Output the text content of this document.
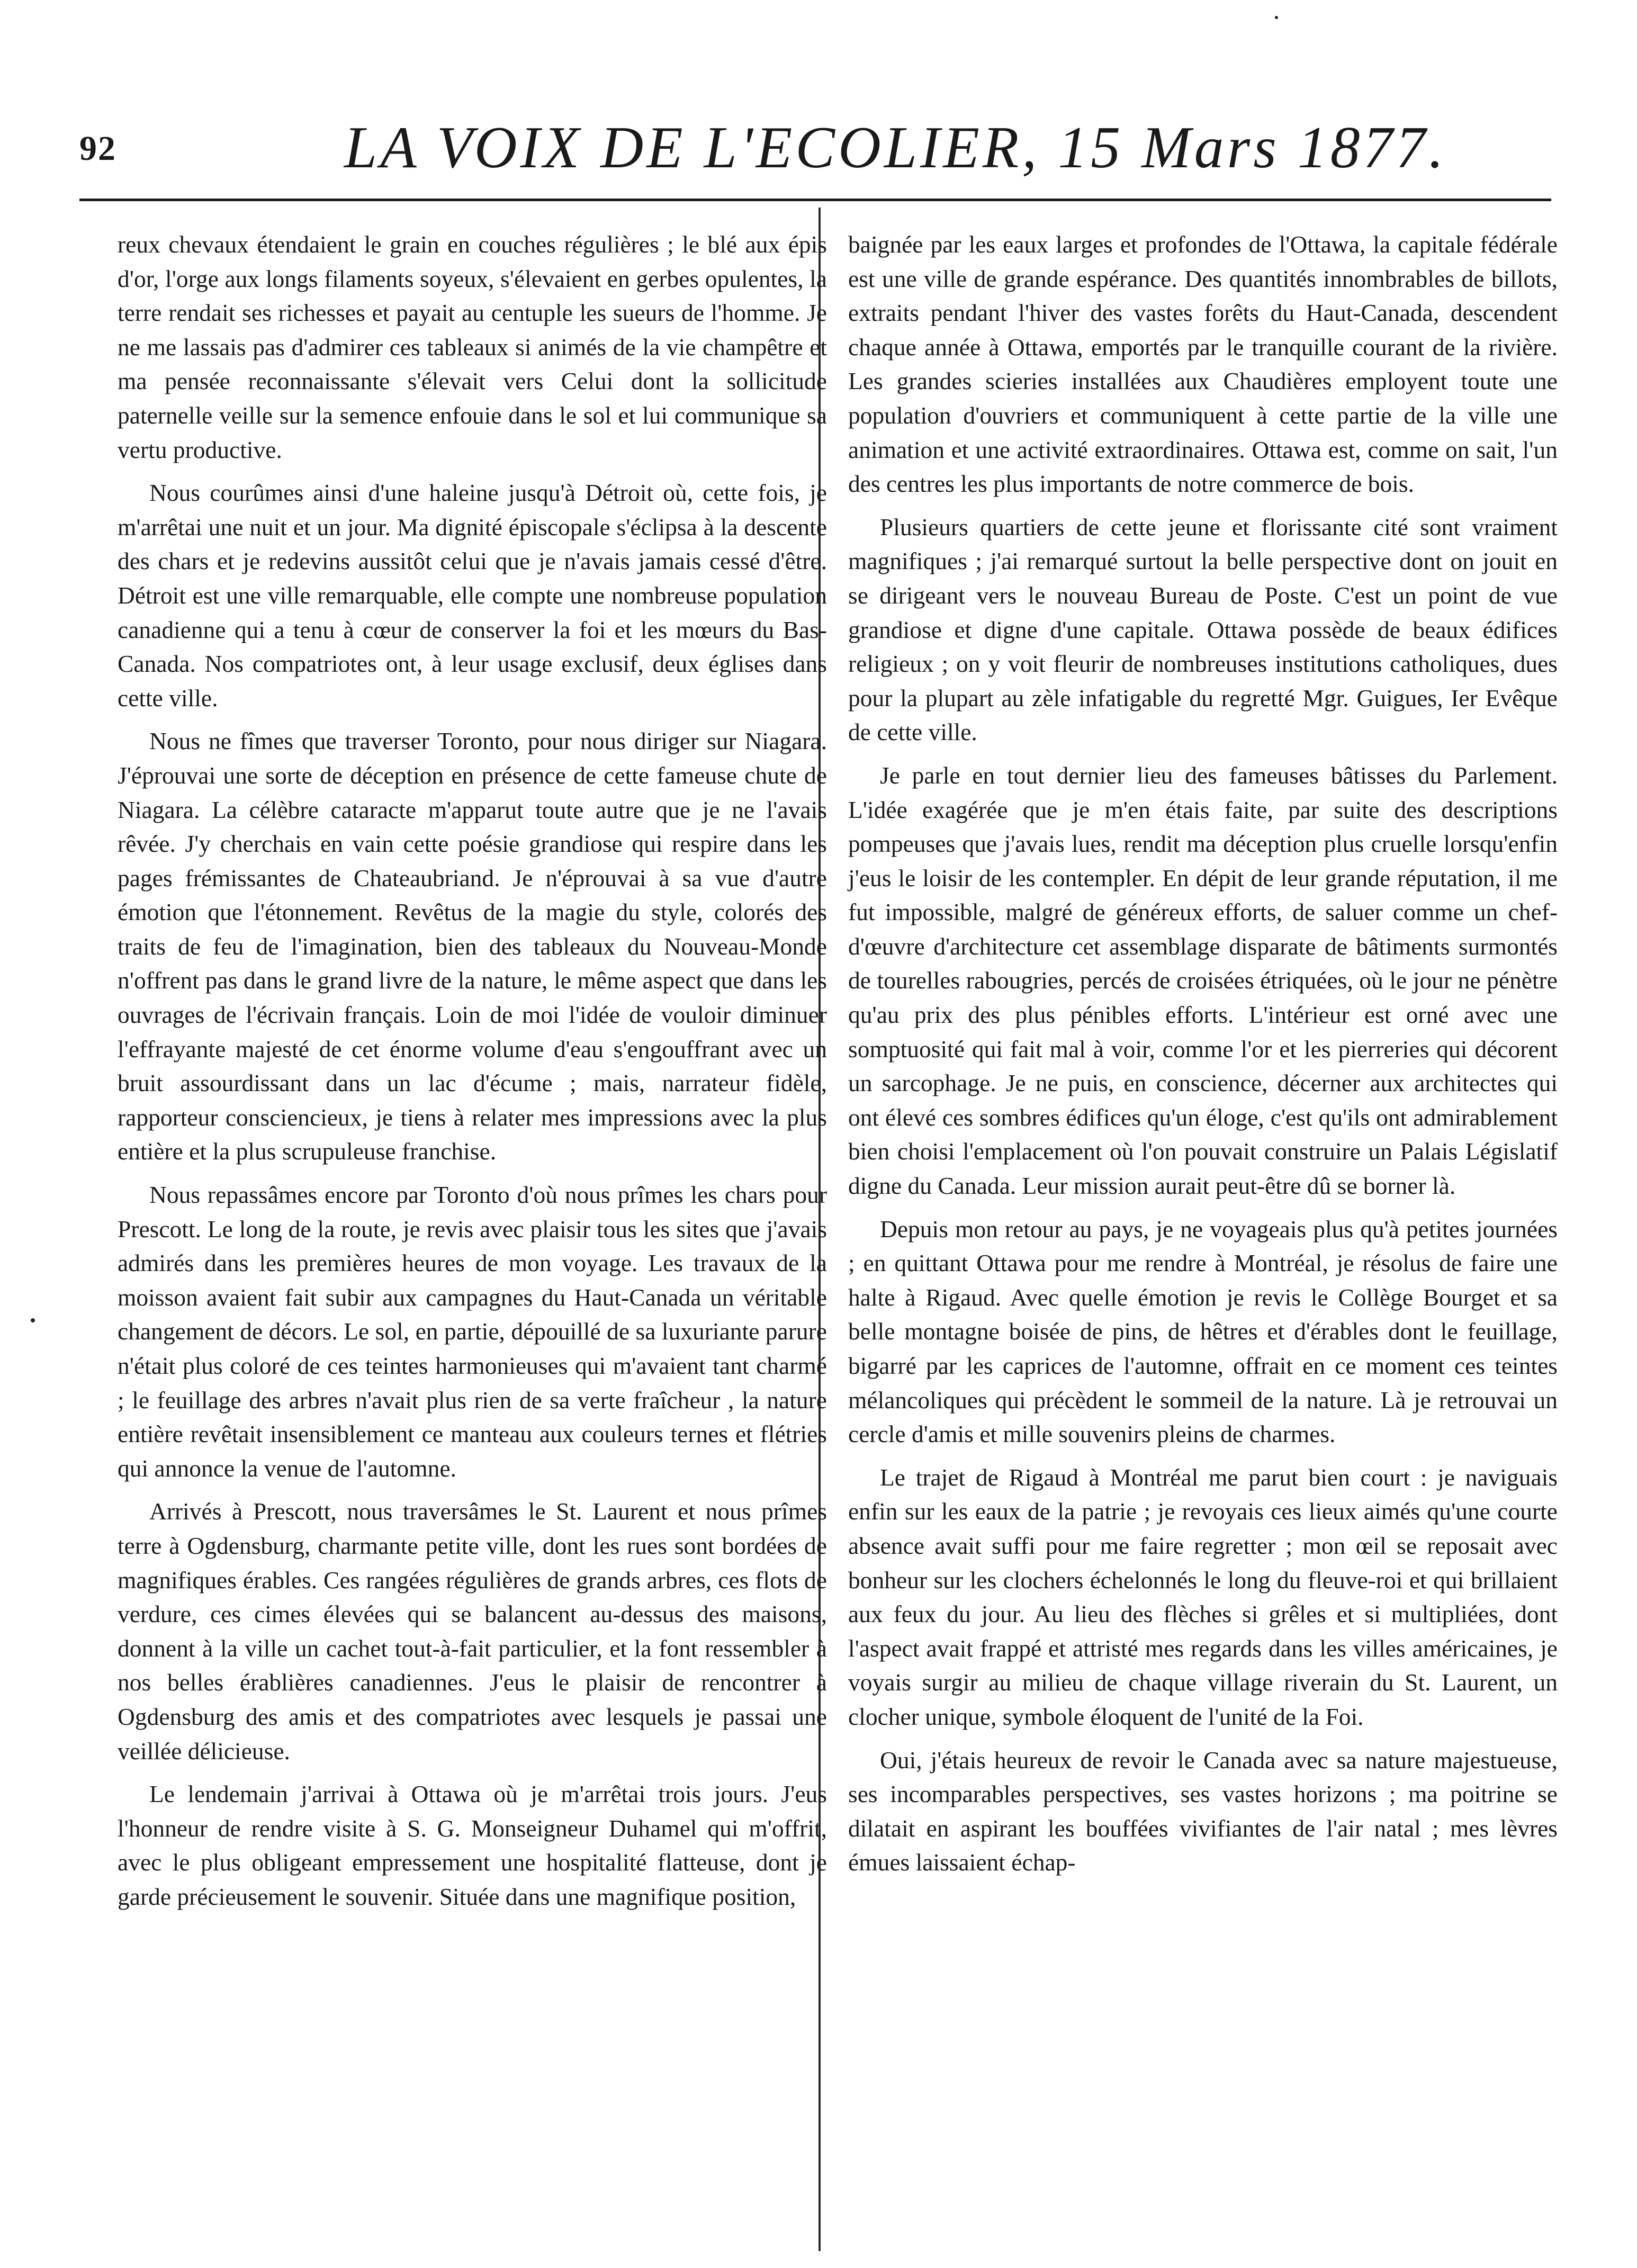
92	LA VOIX DE L'ECOLIER, 15 Mars 1877.

reux chevaux étendaient le grain en couches régulières ; le blé aux épis d'or, l'orge aux longs filaments soyeux, s'élevaient en gerbes opulentes, la terre rendait ses richesses et payait au centuple les sueurs de l'homme. Je ne me lassais pas d'admirer ces tableaux si animés de la vie champêtre et ma pensée reconnaissante s'élevait vers Celui dont la sollicitude paternelle veille sur la semence enfouie dans le sol et lui communique sa vertu productive.

Nous courûmes ainsi d'une haleine jusqu'à Détroit où, cette fois, je m'arrêtai une nuit et un jour. Ma dignité épiscopale s'éclipsa à la descente des chars et je redevins aussitôt celui que je n'avais jamais cessé d'être. Détroit est une ville remarquable, elle compte une nombreuse population canadienne qui a tenu à cœur de conserver la foi et les mœurs du Bas-Canada. Nos compatriotes ont, à leur usage exclusif, deux églises dans cette ville.

Nous ne fîmes que traverser Toronto, pour nous diriger sur Niagara. J'éprouvai une sorte de déception en présence de cette fameuse chute de Niagara. La célèbre cataracte m'apparut toute autre que je ne l'avais rêvée. J'y cherchais en vain cette poésie grandiose qui respire dans les pages frémissantes de Chateaubriand. Je n'éprouvai à sa vue d'autre émotion que l'étonnement. Revêtus de la magie du style, colorés des traits de feu de l'imagination, bien des tableaux du Nouveau-Monde n'offrent pas dans le grand livre de la nature, le même aspect que dans les ouvrages de l'écrivain français. Loin de moi l'idée de vouloir diminuer l'effrayante majesté de cet énorme volume d'eau s'engouffrant avec un bruit assourdissant dans un lac d'écume ; mais, narrateur fidèle, rapporteur consciencieux, je tiens à relater mes impressions avec la plus entière et la plus scrupuleuse franchise.

Nous repassâmes encore par Toronto d'où nous prîmes les chars pour Prescott. Le long de la route, je revis avec plaisir tous les sites que j'avais admirés dans les premières heures de mon voyage. Les travaux de la moisson avaient fait subir aux campagnes du Haut-Canada un véritable changement de décors. Le sol, en partie, dépouillé de sa luxuriante parure n'était plus coloré de ces teintes harmonieuses qui m'avaient tant charmé ; le feuillage des arbres n'avait plus rien de sa verte fraîcheur , la nature entière revêtait insensiblement ce manteau aux couleurs ternes et flétries qui annonce la venue de l'automne.

Arrivés à Prescott, nous traversâmes le St. Laurent et nous prîmes terre à Ogdensburg, charmante petite ville, dont les rues sont bordées de magnifiques érables. Ces rangées régulières de grands arbres, ces flots de verdure, ces cimes élevées qui se balancent au-dessus des maisons, donnent à la ville un cachet tout-à-fait particulier, et la font ressembler à nos belles érablières canadiennes. J'eus le plaisir de rencontrer à Ogdensburg des amis et des compatriotes avec lesquels je passai une veillée délicieuse.

Le lendemain j'arrivai à Ottawa où je m'arrêtai trois jours. J'eus l'honneur de rendre visite à S. G. Monseigneur Duhamel qui m'offrit, avec le plus obligeant empressement une hospitalité flatteuse, dont je garde précieusement le souvenir. Située dans une magnifique position,

baignée par les eaux larges et profondes de l'Ottawa, la capitale fédérale est une ville de grande espérance. Des quantités innombrables de billots, extraits pendant l'hiver des vastes forêts du Haut-Canada, descendent chaque année à Ottawa, emportés par le tranquille courant de la rivière. Les grandes scieries installées aux Chaudières employent toute une population d'ouvriers et communiquent à cette partie de la ville une animation et une activité extraordinaires. Ottawa est, comme on sait, l'un des centres les plus importants de notre commerce de bois.

Plusieurs quartiers de cette jeune et florissante cité sont vraiment magnifiques ; j'ai remarqué surtout la belle perspective dont on jouit en se dirigeant vers le nouveau Bureau de Poste. C'est un point de vue grandiose et digne d'une capitale. Ottawa possède de beaux édifices religieux ; on y voit fleurir de nombreuses institutions catholiques, dues pour la plupart au zèle infatigable du regretté Mgr. Guigues, Ier Evêque de cette ville.

Je parle en tout dernier lieu des fameuses bâtisses du Parlement. L'idée exagérée que je m'en étais faite, par suite des descriptions pompeuses que j'avais lues, rendit ma déception plus cruelle lorsqu'enfin j'eus le loisir de les contempler. En dépit de leur grande réputation, il me fut impossible, malgré de généreux efforts, de saluer comme un chef-d'œuvre d'architecture cet assemblage disparate de bâtiments surmontés de tourelles rabougries, percés de croisées étriquées, où le jour ne pénètre qu'au prix des plus pénibles efforts. L'intérieur est orné avec une somptuosité qui fait mal à voir, comme l'or et les pierreries qui décorent un sarcophage. Je ne puis, en conscience, décerner aux architectes qui ont élevé ces sombres édifices qu'un éloge, c'est qu'ils ont admirablement bien choisi l'emplacement où l'on pouvait construire un Palais Législatif digne du Canada. Leur mission aurait peut-être dû se borner là.

Depuis mon retour au pays, je ne voyageais plus qu'à petites journées ; en quittant Ottawa pour me rendre à Montréal, je résolus de faire une halte à Rigaud. Avec quelle émotion je revis le Collège Bourget et sa belle montagne boisée de pins, de hêtres et d'érables dont le feuillage, bigarré par les caprices de l'automne, offrait en ce moment ces teintes mélancoliques qui précèdent le sommeil de la nature. Là je retrouvai un cercle d'amis et mille souvenirs pleins de charmes.

Le trajet de Rigaud à Montréal me parut bien court : je naviguais enfin sur les eaux de la patrie ; je revoyais ces lieux aimés qu'une courte absence avait suffi pour me faire regretter ; mon œil se reposait avec bonheur sur les clochers échelonnés le long du fleuve-roi et qui brillaient aux feux du jour. Au lieu des flèches si grêles et si multipliées, dont l'aspect avait frappé et attristé mes regards dans les villes américaines, je voyais surgir au milieu de chaque village riverain du St. Laurent, un clocher unique, symbole éloquent de l'unité de la Foi.

Oui, j'étais heureux de revoir le Canada avec sa nature majestueuse, ses incomparables perspectives, ses vastes horizons ; ma poitrine se dilatait en aspirant les bouffées vivifiantes de l'air natal ; mes lèvres émues laissaient échap-
